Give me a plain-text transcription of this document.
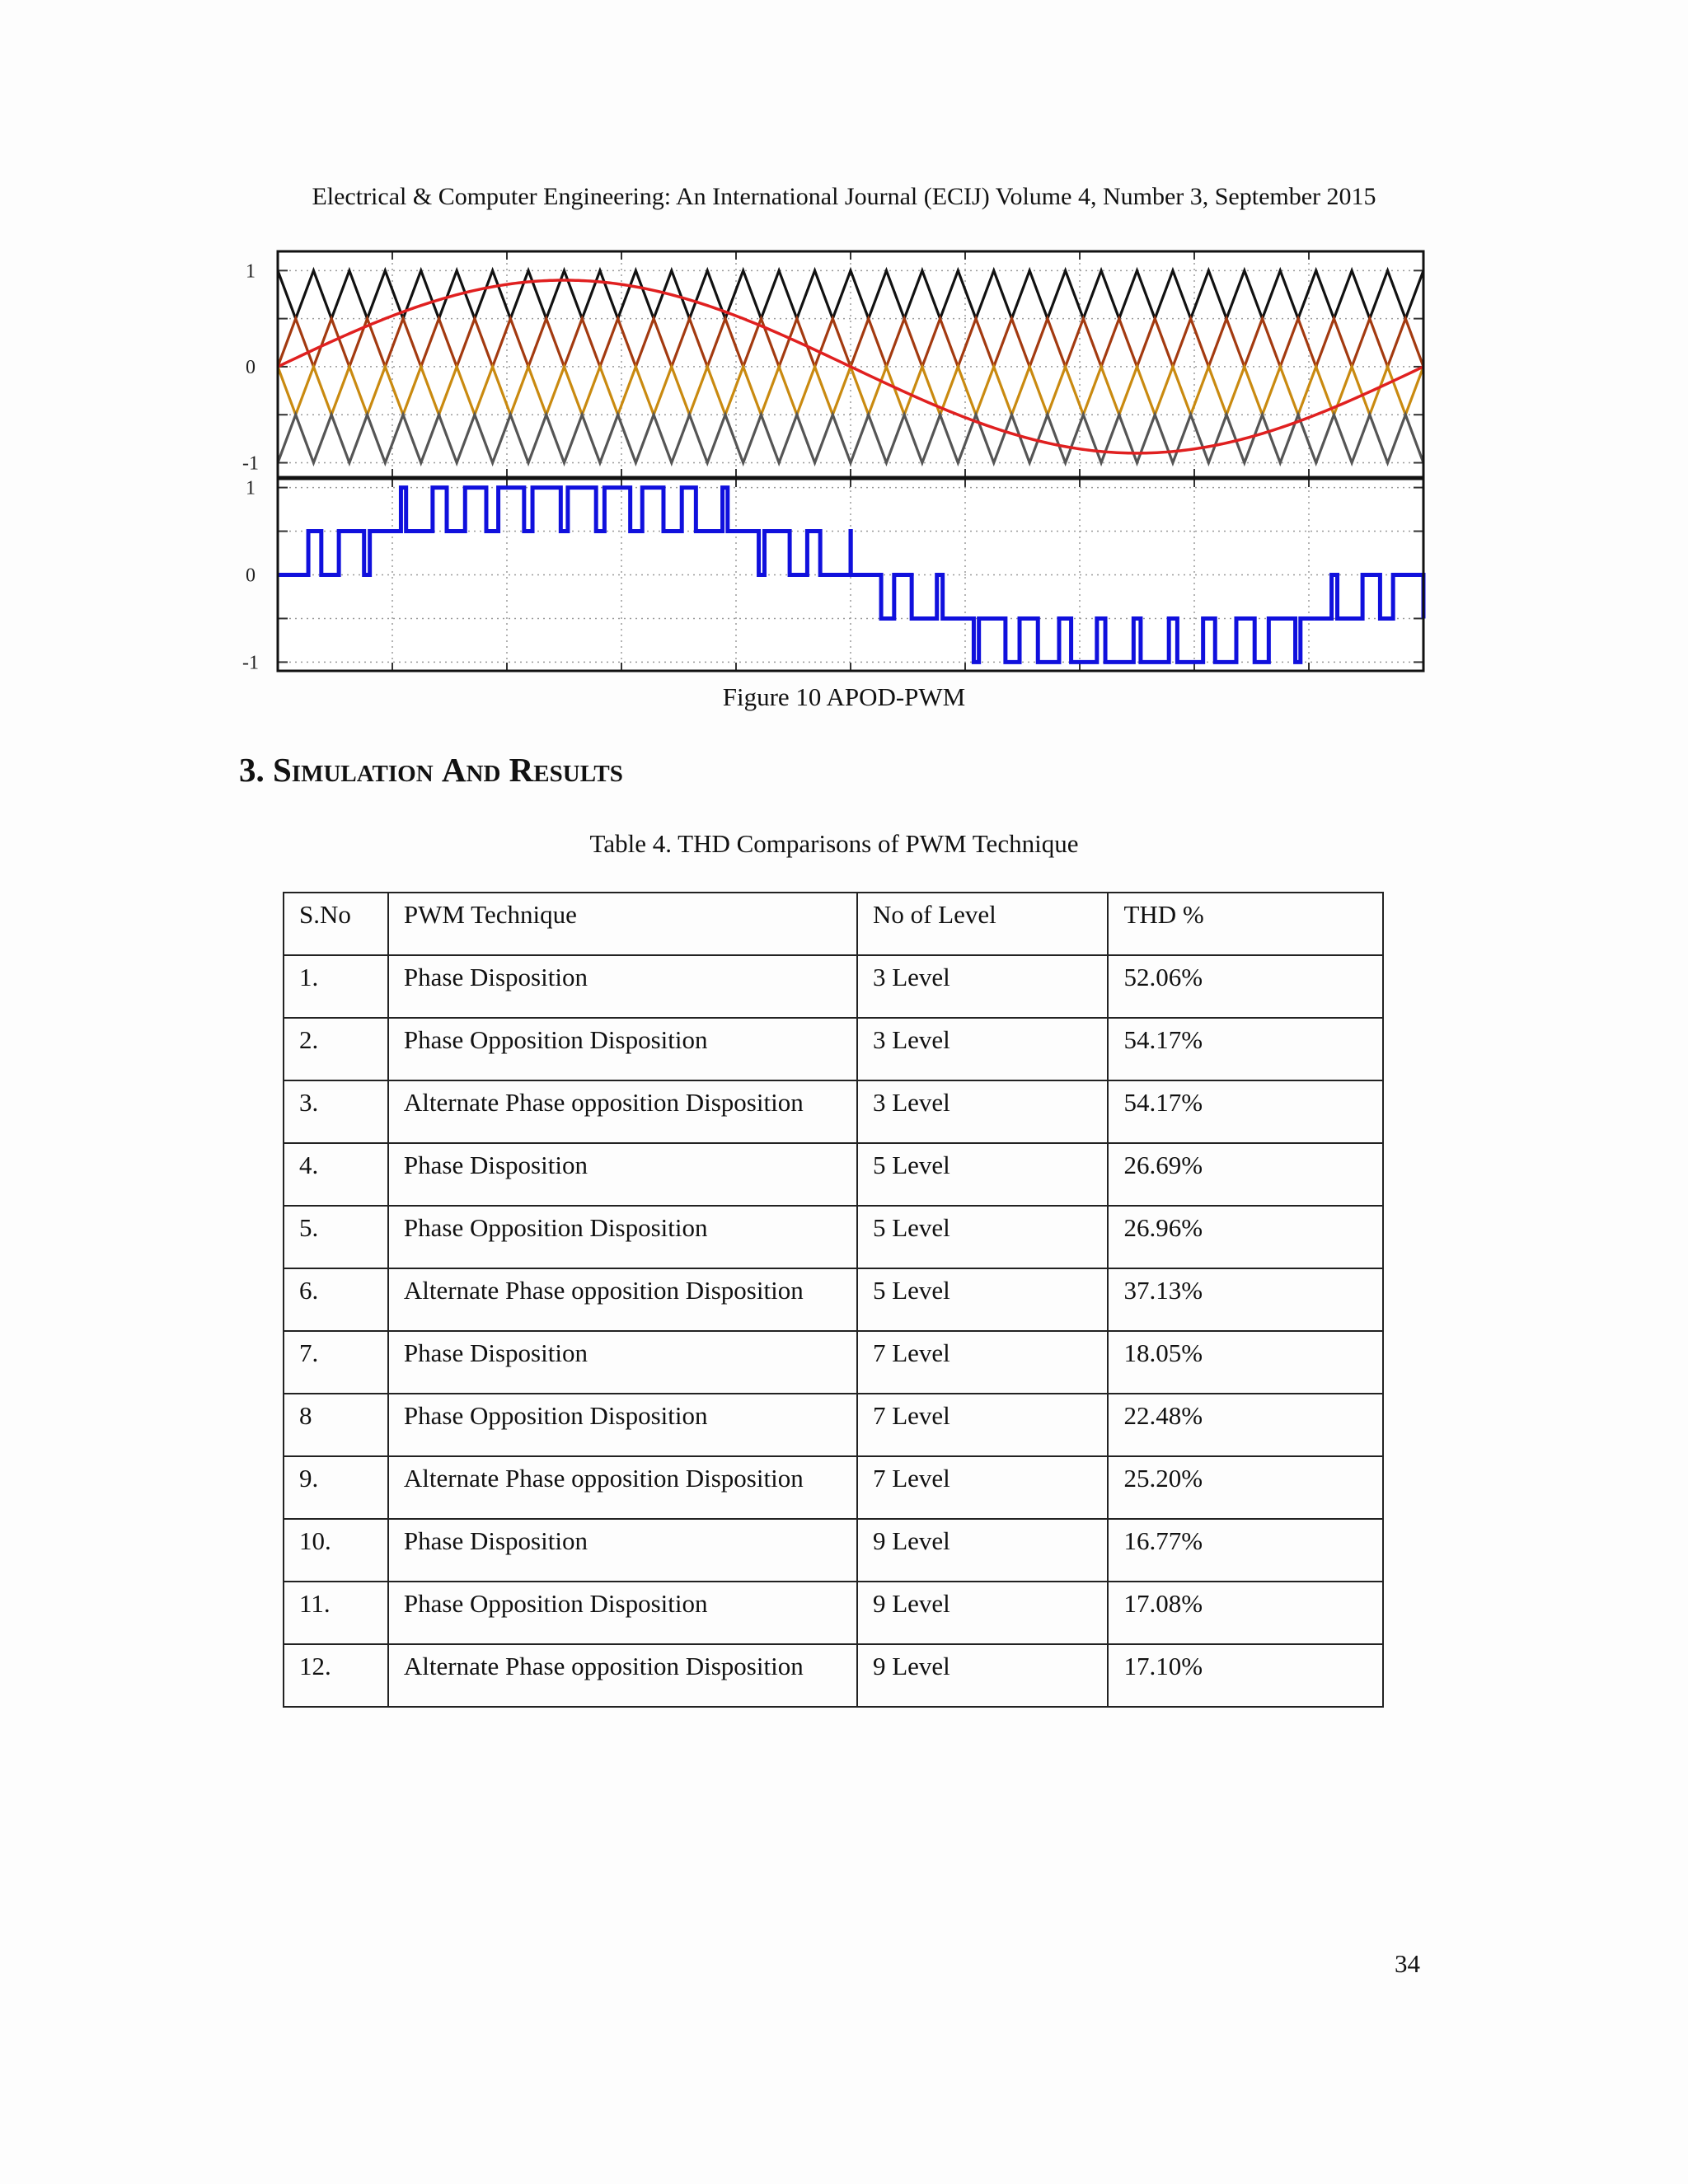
Electrical & Computer Engineering: An International Journal (ECIJ) Volume 4, Number 3, September 2015
1
0
-1
1
0
-1
Figure 10 APOD-PWM
3. Simulation And Results
Table 4. THD Comparisons of PWM Technique
S.No	PWM Technique	No of Level	THD %
1.	Phase Disposition	3 Level	52.06%
2.	Phase Opposition Disposition	3 Level	54.17%
3.	Alternate Phase opposition Disposition	3 Level	54.17%
4.	Phase Disposition	5 Level	26.69%
5.	Phase Opposition Disposition	5 Level	26.96%
6.	Alternate Phase opposition Disposition	5 Level	37.13%
7.	Phase Disposition	7 Level	18.05%
8	Phase Opposition Disposition	7 Level	22.48%
9.	Alternate Phase opposition Disposition	7 Level	25.20%
10.	Phase Disposition	9 Level	16.77%
11.	Phase Opposition Disposition	9 Level	17.08%
12.	Alternate Phase opposition Disposition	9 Level	17.10%
34
